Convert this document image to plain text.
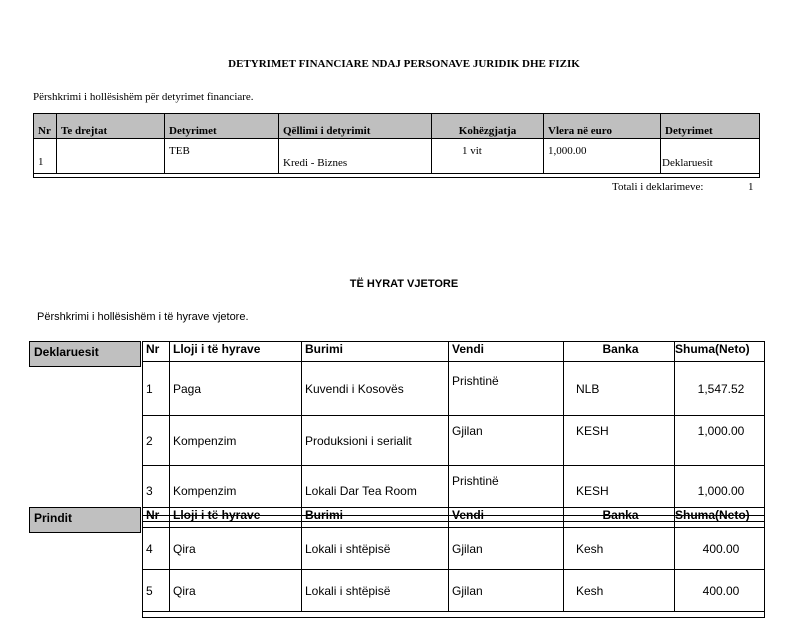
DETYRIMET FINANCIARE NDAJ PERSONAVE JURIDIK DHE FIZIK
Përshkrimi i hollësishëm për detyrimet financiare.
Nr	Te drejtat	Detyrimet	Qëllimi i detyrimit	Kohëzgjatja	Vlera në euro	Detyrimet
1		TEB	Kredi - Biznes	1 vit	1,000.00	Deklaruesit

Totali i deklarimeve:	1
TË HYRAT VJETORE
Përshkrimi i hollësishëm i të hyrave vjetore.
Deklaruesit	Nr	Lloji i të hyrave	Burimi	Vendi	Banka	Shuma(Neto)
1	Paga	Kuvendi i Kosovës	Prishtinë	NLB	1,547.52
2	Kompenzim	Produksioni i serialit	Gjilan	KESH	1,000.00
3	Kompenzim	Lokali Dar Tea Room	Prishtinë	KESH	1,000.00

Prindit	Nr	Lloji i të hyrave	Burimi	Vendi	Banka	Shuma(Neto)
4	Qira	Lokali i shtëpisë	Gjilan	Kesh	400.00
5	Qira	Lokali i shtëpisë	Gjilan	Kesh	400.00
